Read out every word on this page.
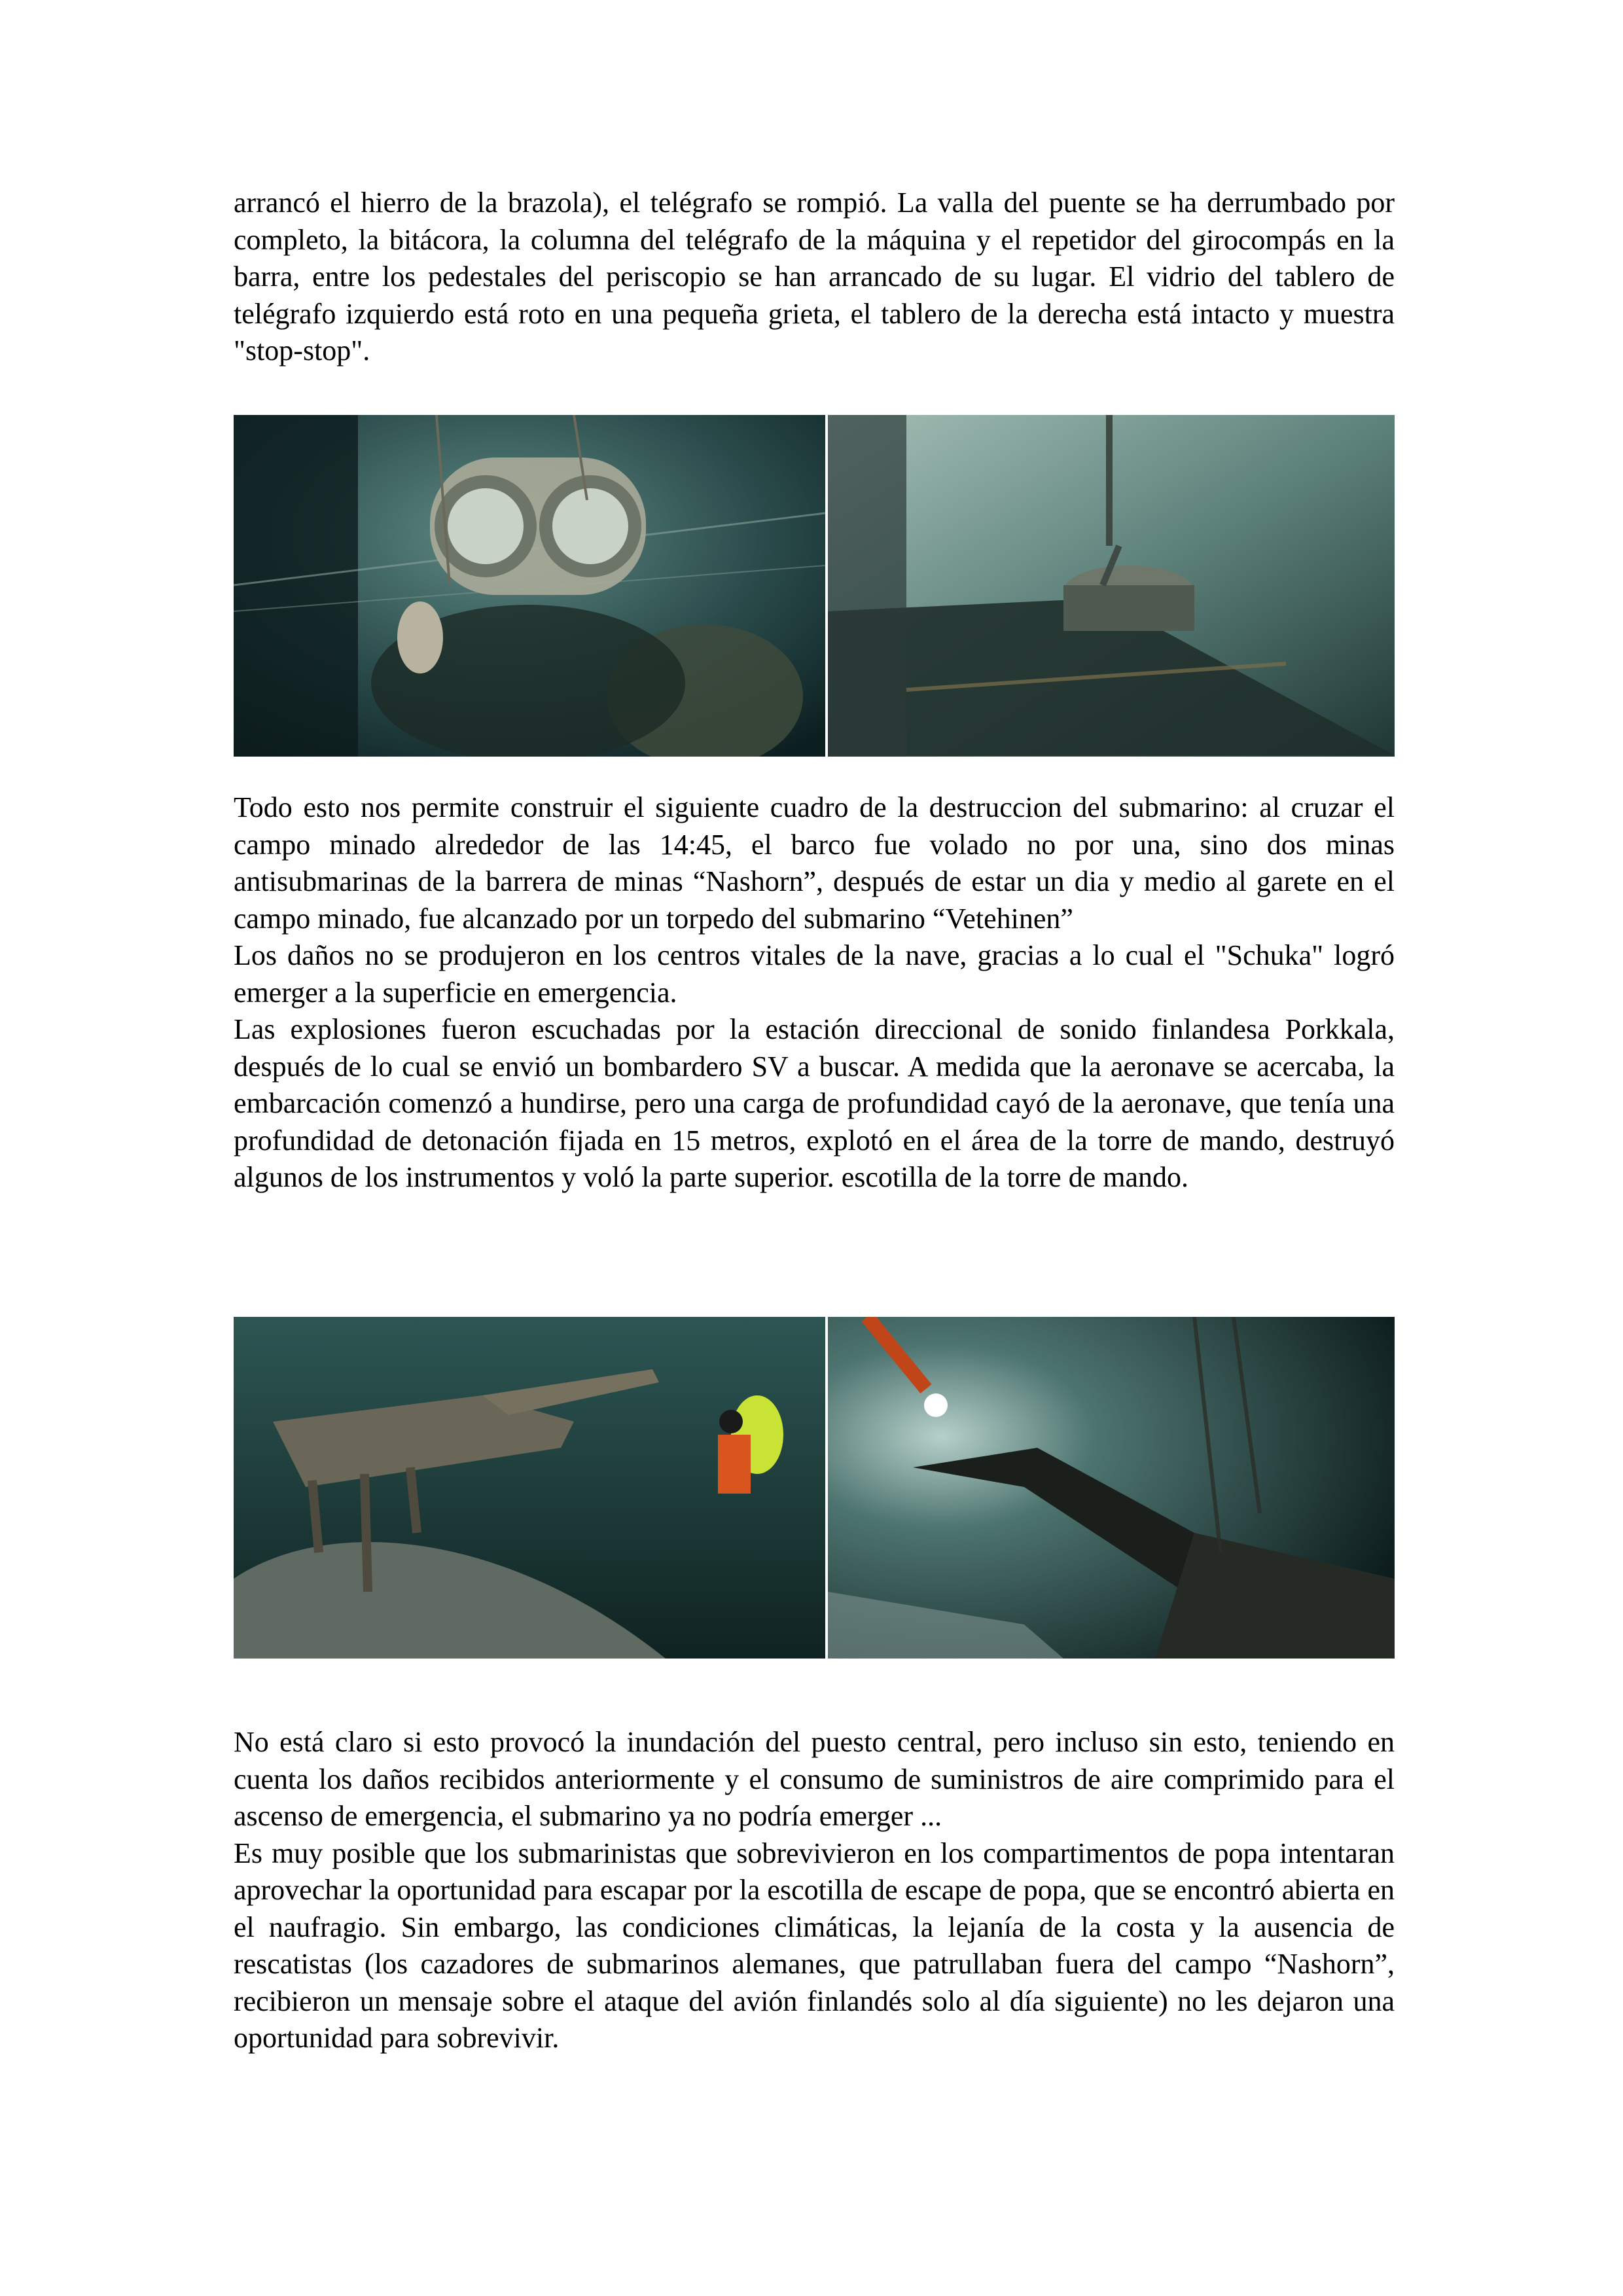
arrancó el hierro de la brazola), el telégrafo se rompió. La valla del puente se ha derrumbado por completo, la bitácora, la columna del telégrafo de la máquina y el repetidor del girocompás en la barra, entre los pedestales del periscopio se han arrancado de su lugar. El vidrio del tablero de telégrafo izquierdo está roto en una pequeña grieta, el tablero de la derecha está intacto y muestra "stop-stop".
Todo esto nos permite construir el siguiente cuadro de la destruccion del submarino: al cruzar el campo minado alrededor de las 14:45, el barco fue volado no por una, sino dos minas antisubmarinas de la barrera de minas “Nashorn”, después de estar un dia y medio al garete en el campo minado, fue alcanzado por un torpedo del submarino “Vetehinen”
Los daños no se produjeron en los centros vitales de la nave, gracias a lo cual el "Schuka" logró emerger a la superficie en emergencia.
Las explosiones fueron escuchadas por la estación direccional de sonido finlandesa Porkkala, después de lo cual se envió un bombardero SV a buscar. A medida que la aeronave se acercaba, la embarcación comenzó a hundirse, pero una carga de profundidad cayó de la aeronave, que tenía una profundidad de detonación fijada en 15 metros, explotó en el área de la torre de mando, destruyó algunos de los instrumentos y voló la parte superior. escotilla de la torre de mando.
No está claro si esto provocó la inundación del puesto central, pero incluso sin esto, teniendo en cuenta los daños recibidos anteriormente y el consumo de suministros de aire comprimido para el ascenso de emergencia, el submarino ya no podría emerger ...
Es muy posible que los submarinistas que sobrevivieron en los compartimentos de popa intentaran aprovechar la oportunidad para escapar por la escotilla de escape de popa, que se encontró abierta en el naufragio. Sin embargo, las condiciones climáticas, la lejanía de la costa y la ausencia de rescatistas (los cazadores de submarinos alemanes, que patrullaban fuera del campo “Nashorn”, recibieron un mensaje sobre el ataque del avión finlandés solo al día siguiente) no les dejaron una oportunidad para sobrevivir.
